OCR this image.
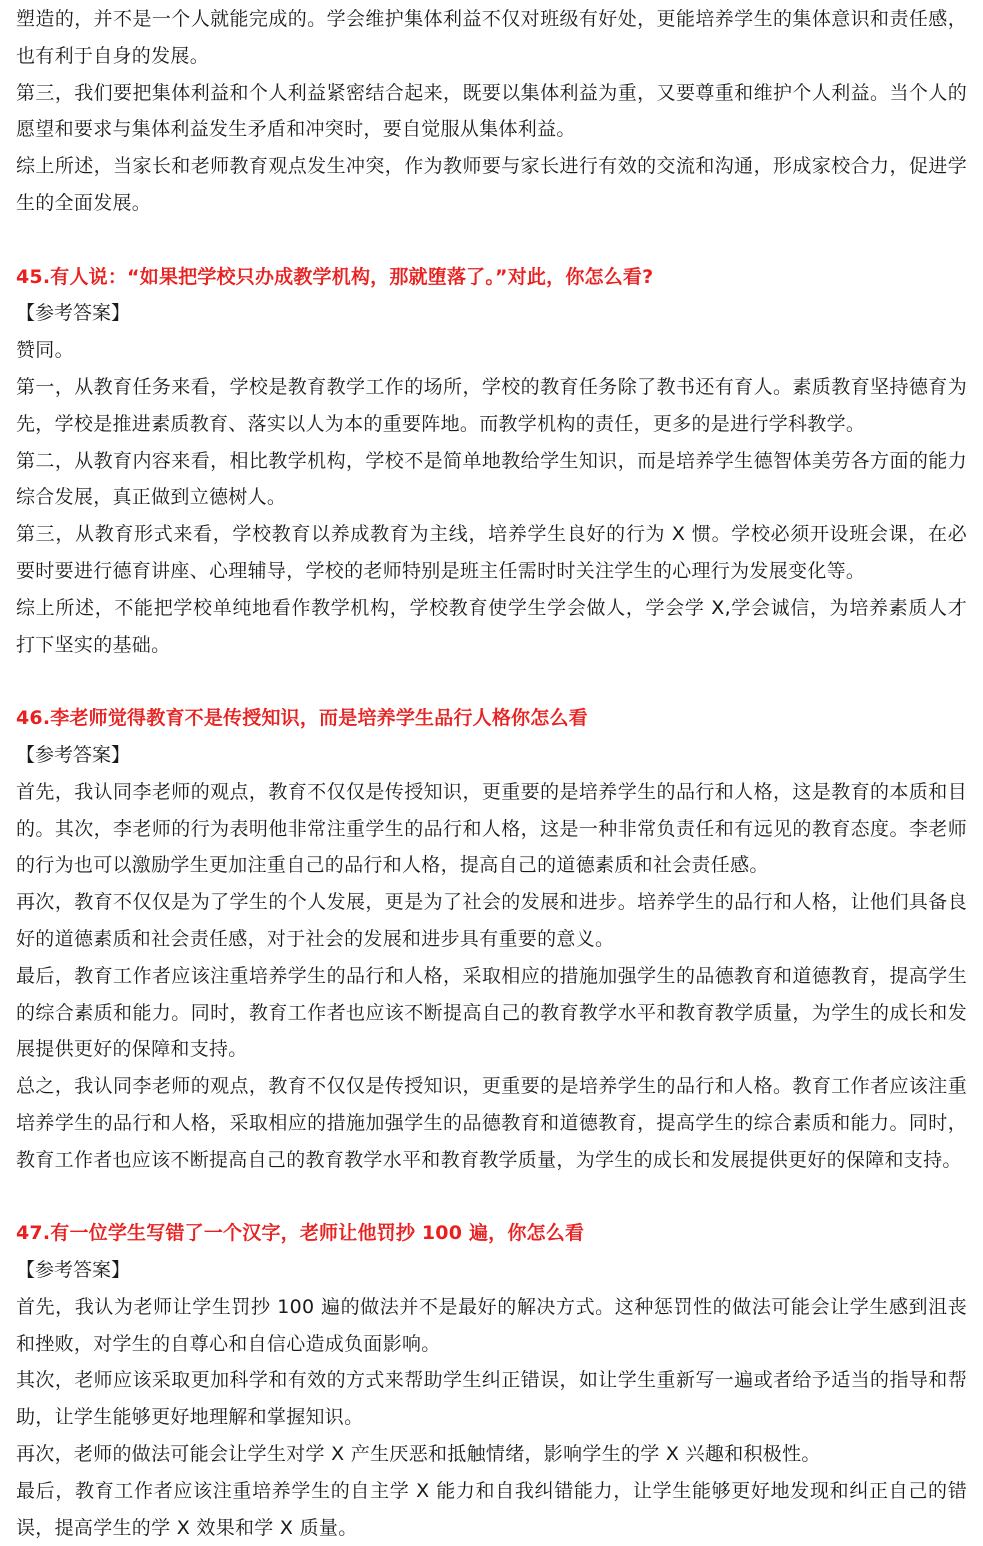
塑造的，并不是一个人就能完成的。学会维护集体利益不仅对班级有好处，更能培养学生的集体意识和责任感，也有利于自身的发展。

第三，我们要把集体利益和个人利益紧密结合起来，既要以集体利益为重，又要尊重和维护个人利益。当个人的愿望和要求与集体利益发生矛盾和冲突时，要自觉服从集体利益。

综上所述，当家长和老师教育观点发生冲突，作为教师要与家长进行有效的交流和沟通，形成家校合力，促进学生的全面发展。

45.有人说：“如果把学校只办成教学机构，那就堕落了。”对此，你怎么看?

【参考答案】

赞同。

第一，从教育任务来看，学校是教育教学工作的场所，学校的教育任务除了教书还有育人。素质教育坚持德育为先，学校是推进素质教育、落实以人为本的重要阵地。而教学机构的责任，更多的是进行学科教学。

第二，从教育内容来看，相比教学机构，学校不是简单地教给学生知识，而是培养学生德智体美劳各方面的能力综合发展，真正做到立德树人。

第三，从教育形式来看，学校教育以养成教育为主线，培养学生良好的行为 X 惯。学校必须开设班会课，在必要时要进行德育讲座、心理辅导，学校的老师特别是班主任需时时关注学生的心理行为发展变化等。

综上所述，不能把学校单纯地看作教学机构，学校教育使学生学会做人，学会学 X,学会诚信，为培养素质人才打下坚实的基础。

46.李老师觉得教育不是传授知识，而是培养学生品行人格你怎么看

【参考答案】

首先，我认同李老师的观点，教育不仅仅是传授知识，更重要的是培养学生的品行和人格，这是教育的本质和目的。其次，李老师的行为表明他非常注重学生的品行和人格，这是一种非常负责任和有远见的教育态度。李老师的行为也可以激励学生更加注重自己的品行和人格，提高自己的道德素质和社会责任感。

再次，教育不仅仅是为了学生的个人发展，更是为了社会的发展和进步。培养学生的品行和人格，让他们具备良好的道德素质和社会责任感，对于社会的发展和进步具有重要的意义。

最后，教育工作者应该注重培养学生的品行和人格，采取相应的措施加强学生的品德教育和道德教育，提高学生的综合素质和能力。同时，教育工作者也应该不断提高自己的教育教学水平和教育教学质量，为学生的成长和发展提供更好的保障和支持。

总之，我认同李老师的观点，教育不仅仅是传授知识，更重要的是培养学生的品行和人格。教育工作者应该注重培养学生的品行和人格，采取相应的措施加强学生的品德教育和道德教育，提高学生的综合素质和能力。同时，教育工作者也应该不断提高自己的教育教学水平和教育教学质量，为学生的成长和发展提供更好的保障和支持。

47.有一位学生写错了一个汉字，老师让他罚抄 100 遍，你怎么看

【参考答案】

首先，我认为老师让学生罚抄 100 遍的做法并不是最好的解决方式。这种惩罚性的做法可能会让学生感到沮丧和挫败，对学生的自尊心和自信心造成负面影响。

其次，老师应该采取更加科学和有效的方式来帮助学生纠正错误，如让学生重新写一遍或者给予适当的指导和帮助，让学生能够更好地理解和掌握知识。

再次，老师的做法可能会让学生对学 X 产生厌恶和抵触情绪，影响学生的学 X 兴趣和积极性。

最后，教育工作者应该注重培养学生的自主学 X 能力和自我纠错能力，让学生能够更好地发现和纠正自己的错误，提高学生的学 X 效果和学 X 质量。
